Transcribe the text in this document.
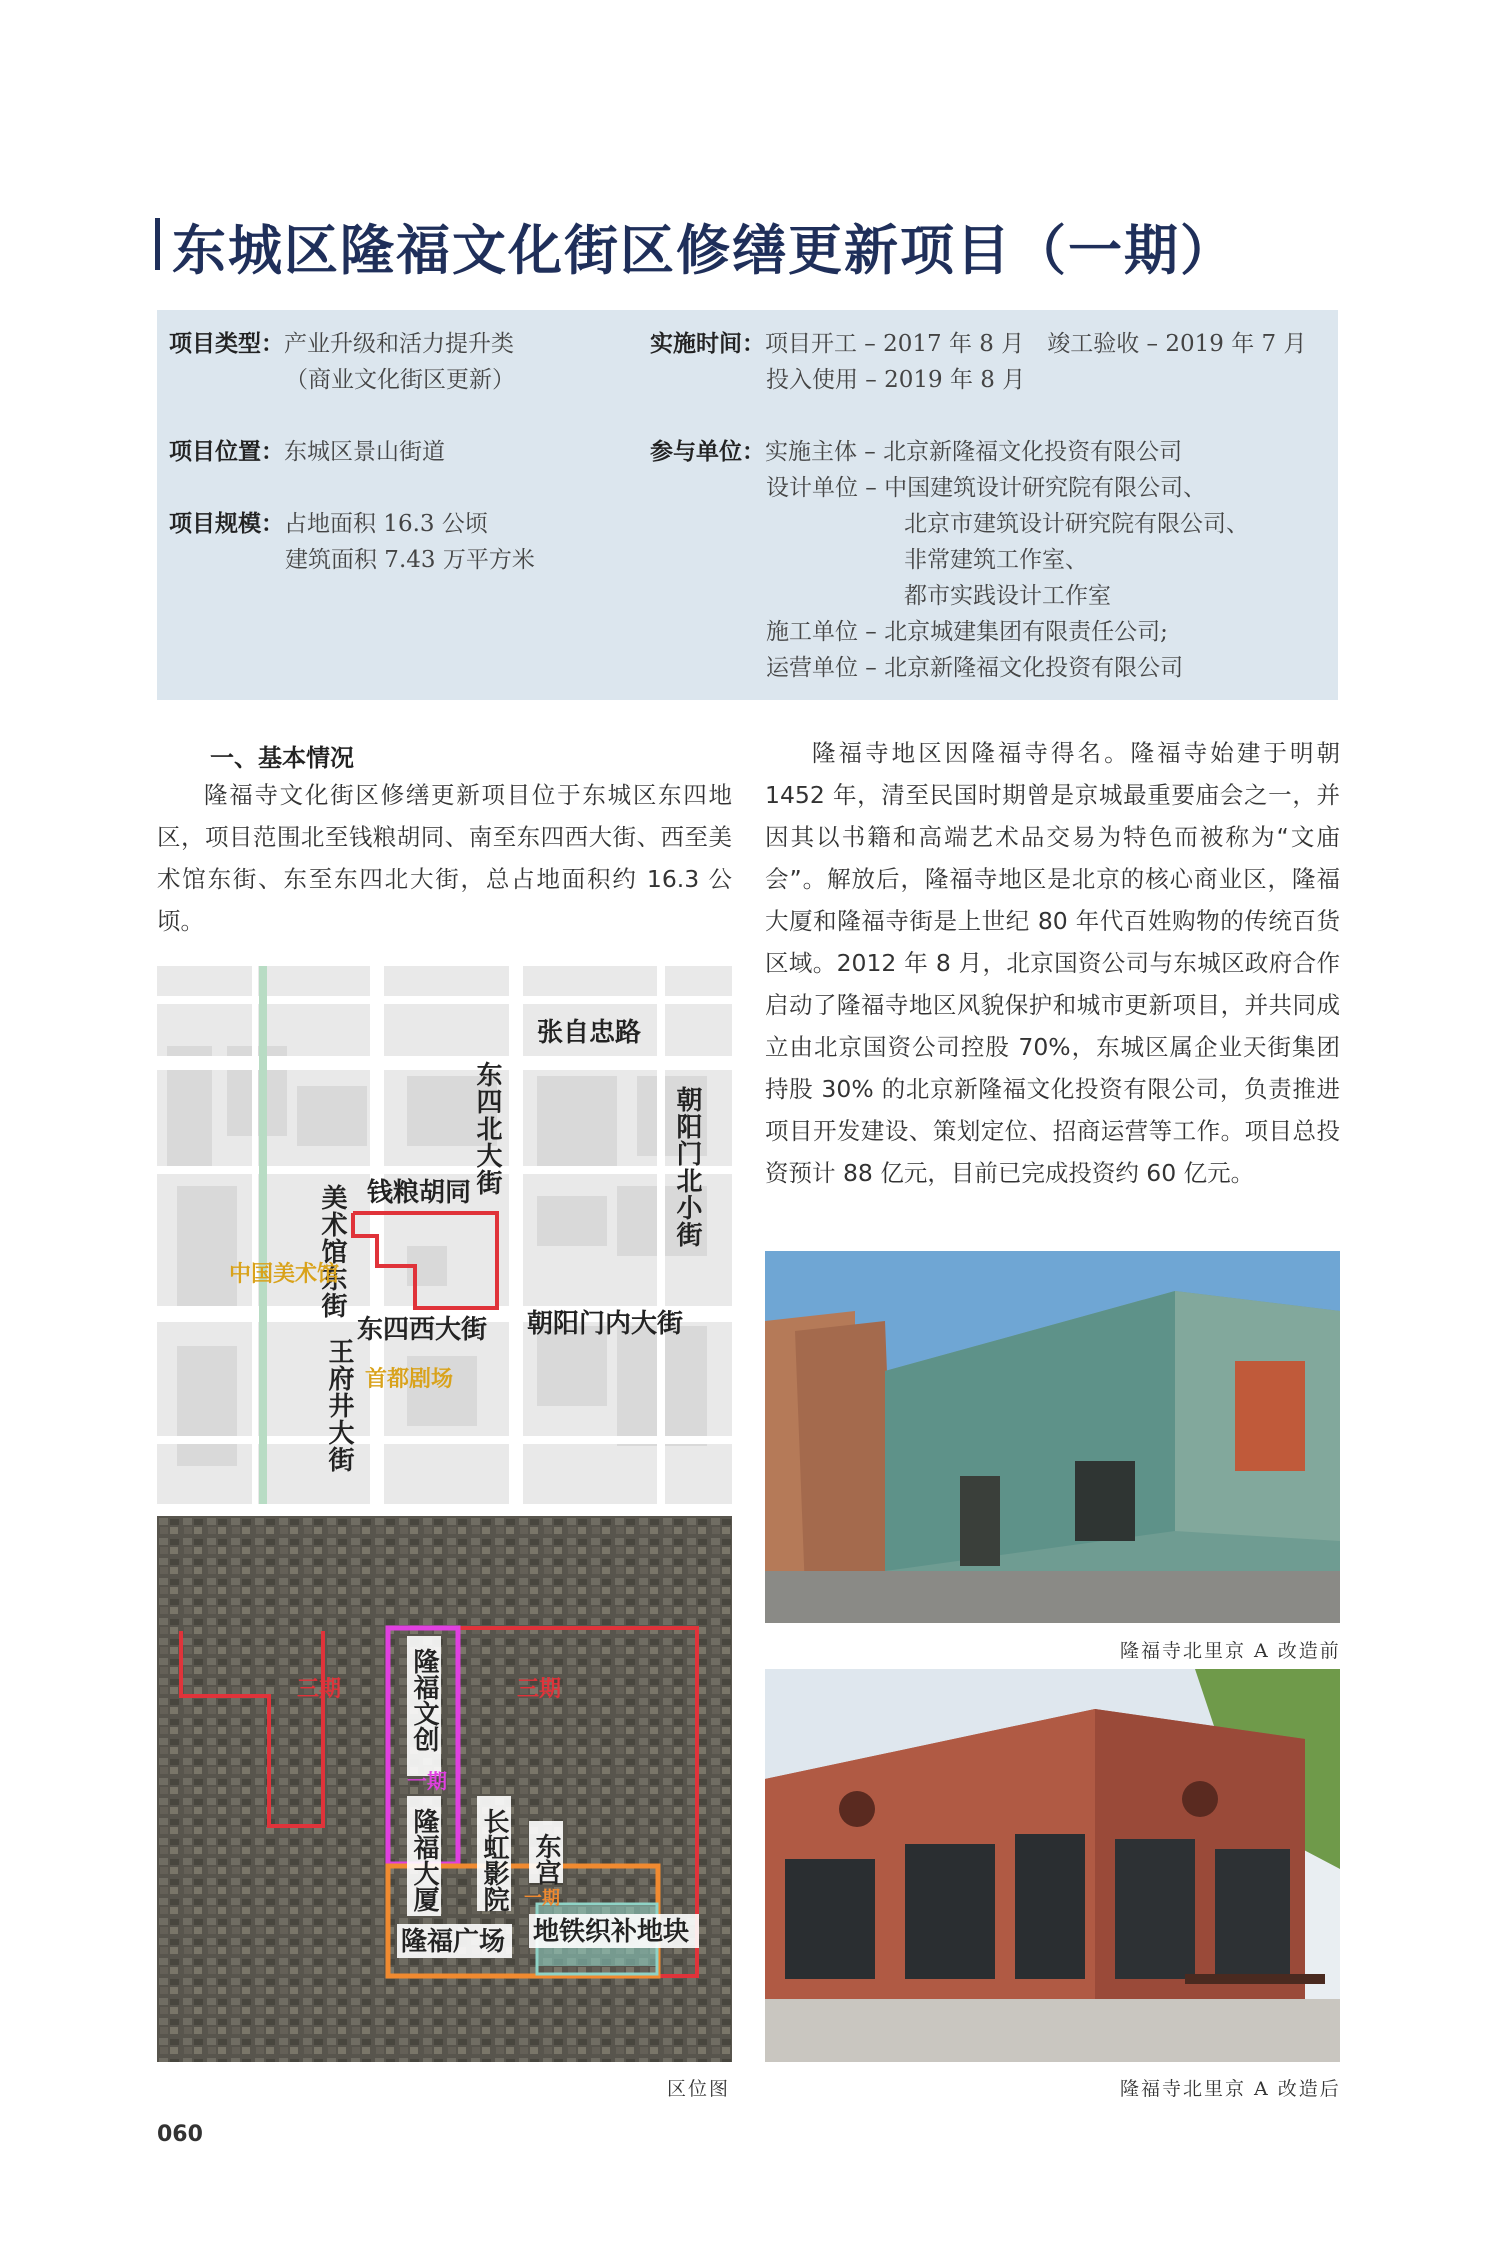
东城区隆福文化街区修缮更新项目（一期）
项目类型：产业升级和活力提升类
（商业文化街区更新）
项目位置：东城区景山街道
项目规模：占地面积 16.3 公顷
建筑面积 7.43 万平方米
实施时间：项目开工 – 2017 年 8 月　竣工验收 – 2019 年 7 月
投入使用 – 2019 年 8 月
参与单位：实施主体 – 北京新隆福文化投资有限公司
设计单位 – 中国建筑设计研究院有限公司、
　　　　　　北京市建筑设计研究院有限公司、
　　　　　　非常建筑工作室、
　　　　　　都市实践设计工作室
施工单位 – 北京城建集团有限责任公司;
运营单位 – 北京新隆福文化投资有限公司
一、基本情况

隆福寺文化街区修缮更新项目位于东城区东四地区，项目范围北至钱粮胡同、南至东四西大街、西至美术馆东街、东至东四北大街，总占地面积约 16.3 公顷。

隆福寺地区因隆福寺得名。隆福寺始建于明朝 1452 年，清至民国时期曾是京城最重要庙会之一，并因其以书籍和高端艺术品交易为特色而被称为“文庙会”。解放后，隆福寺地区是北京的核心商业区，隆福大厦和隆福寺街是上世纪 80 年代百姓购物的传统百货区域。2012 年 8 月，北京国资公司与东城区政府合作启动了隆福寺地区风貌保护和城市更新项目，并共同成立由北京国资公司控股 70%，东城区属企业天街集团持股 30% 的北京新隆福文化投资有限公司，负责推进项目开发建设、策划定位、招商运营等工作。项目总投资预计 88 亿元，目前已完成投资约 60 亿元。

张自忠路
东四北大街	朝阳门北小街
钱粮胡同
美术馆东街
中国美术馆
东四西大街 朝阳门内大街
王府井大街 首都剧场
三期	三期
隆福文创
一期
隆福大厦 长虹影院 东宫
一期
隆福广场 地铁织补地块
区位图
隆福寺北里京 A 改造前
隆福寺北里京 A 改造后
060
